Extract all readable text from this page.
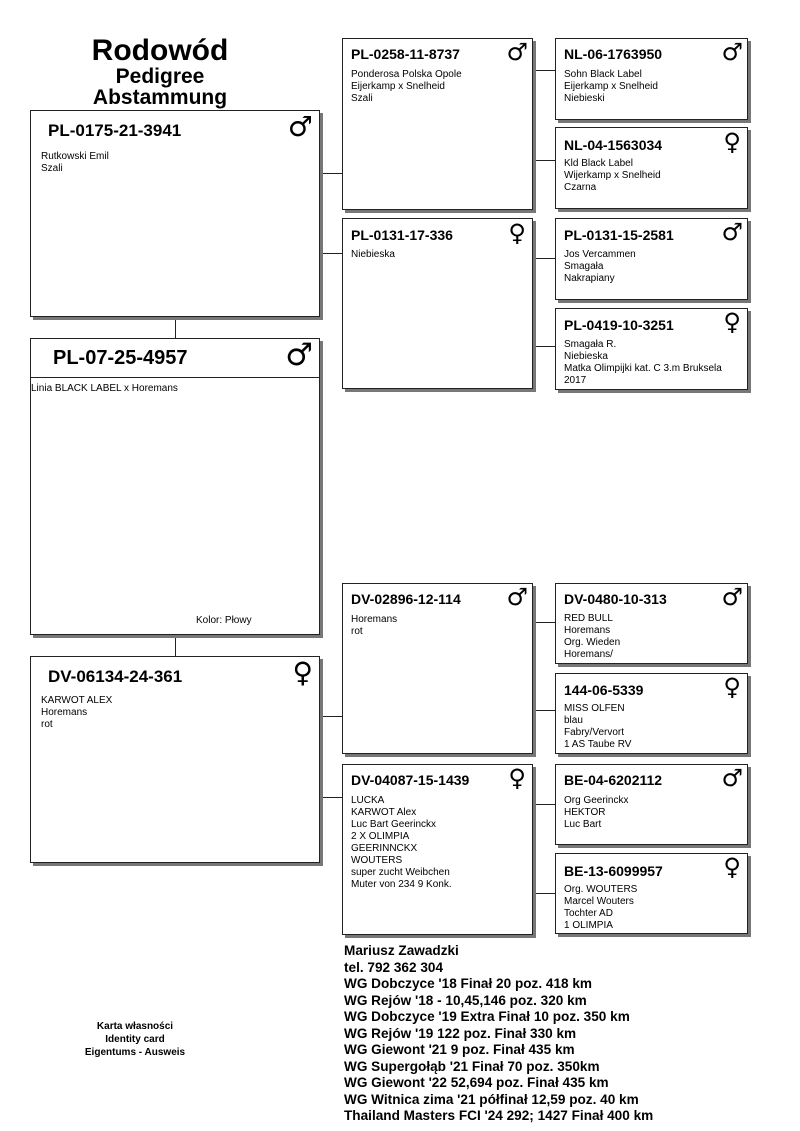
Rodowód
Pedigree
Abstammung
PL-0175-21-3941	♂
Rutkowski Emil
Szali
PL-07-25-4957	♂
Linia BLACK LABEL x Horemans
Kolor: Płowy
DV-06134-24-361	♀
KARWOT ALEX
Horemans
rot
PL-0258-11-8737 ♂
Ponderosa Polska Opole
Eijerkamp x Snelheid
Szali
PL-0131-17-336 ♀
Niebieska
DV-02896-12-114 ♂
Horemans
rot
DV-04087-15-1439 ♀
LUCKA
KARWOT Alex
Luc Bart Geerinckx
2 X OLIMPIA
GEERINNCKX
WOUTERS
super zucht Weibchen
Muter von 234 9 Konk.
NL-06-1763950 ♂
Sohn Black Label
Eijerkamp x Snelheid
Niebieski
NL-04-1563034	♀
Kld Black Label
Wijerkamp x Snelheid
Czarna
PL-0131-15-2581 ♂
Jos Vercammen
Smagała
Nakrapiany
PL-0419-10-3251 ♀
Smagała R.
Niebieska
Matka Olimpijki kat. C 3.m Bruksela
2017
DV-0480-10-313 ♂
RED BULL
Horemans
Org. Wieden
Horemans/
144-06-5339	♀
MISS OLFEN
blau
Fabry/Vervort
1 AS Taube RV
BE-04-6202112 ♂
Org Geerinckx
HEKTOR
Luc Bart
BE-13-6099957	♀
Org. WOUTERS
Marcel Wouters
Tochter AD
1 OLIMPIA
Karta własności
Identity card
Eigentums - Ausweis
Mariusz Zawadzki
tel. 792 362 304
WG Dobczyce '18 Finał 20 poz. 418 km
WG Rejów '18 - 10,45,146 poz. 320 km
WG Dobczyce '19 Extra Finał 10 poz. 350 km
WG Rejów '19 122 poz. Finał 330 km
WG Giewont '21 9 poz. Finał 435 km
WG Supergołąb '21 Finał 70 poz. 350km
WG Giewont '22 52,694 poz. Finał 435 km
WG Witnica zima '21 półfinał 12,59 poz. 40 km
Thailand Masters FCI '24 292; 1427 Finał 400 km
